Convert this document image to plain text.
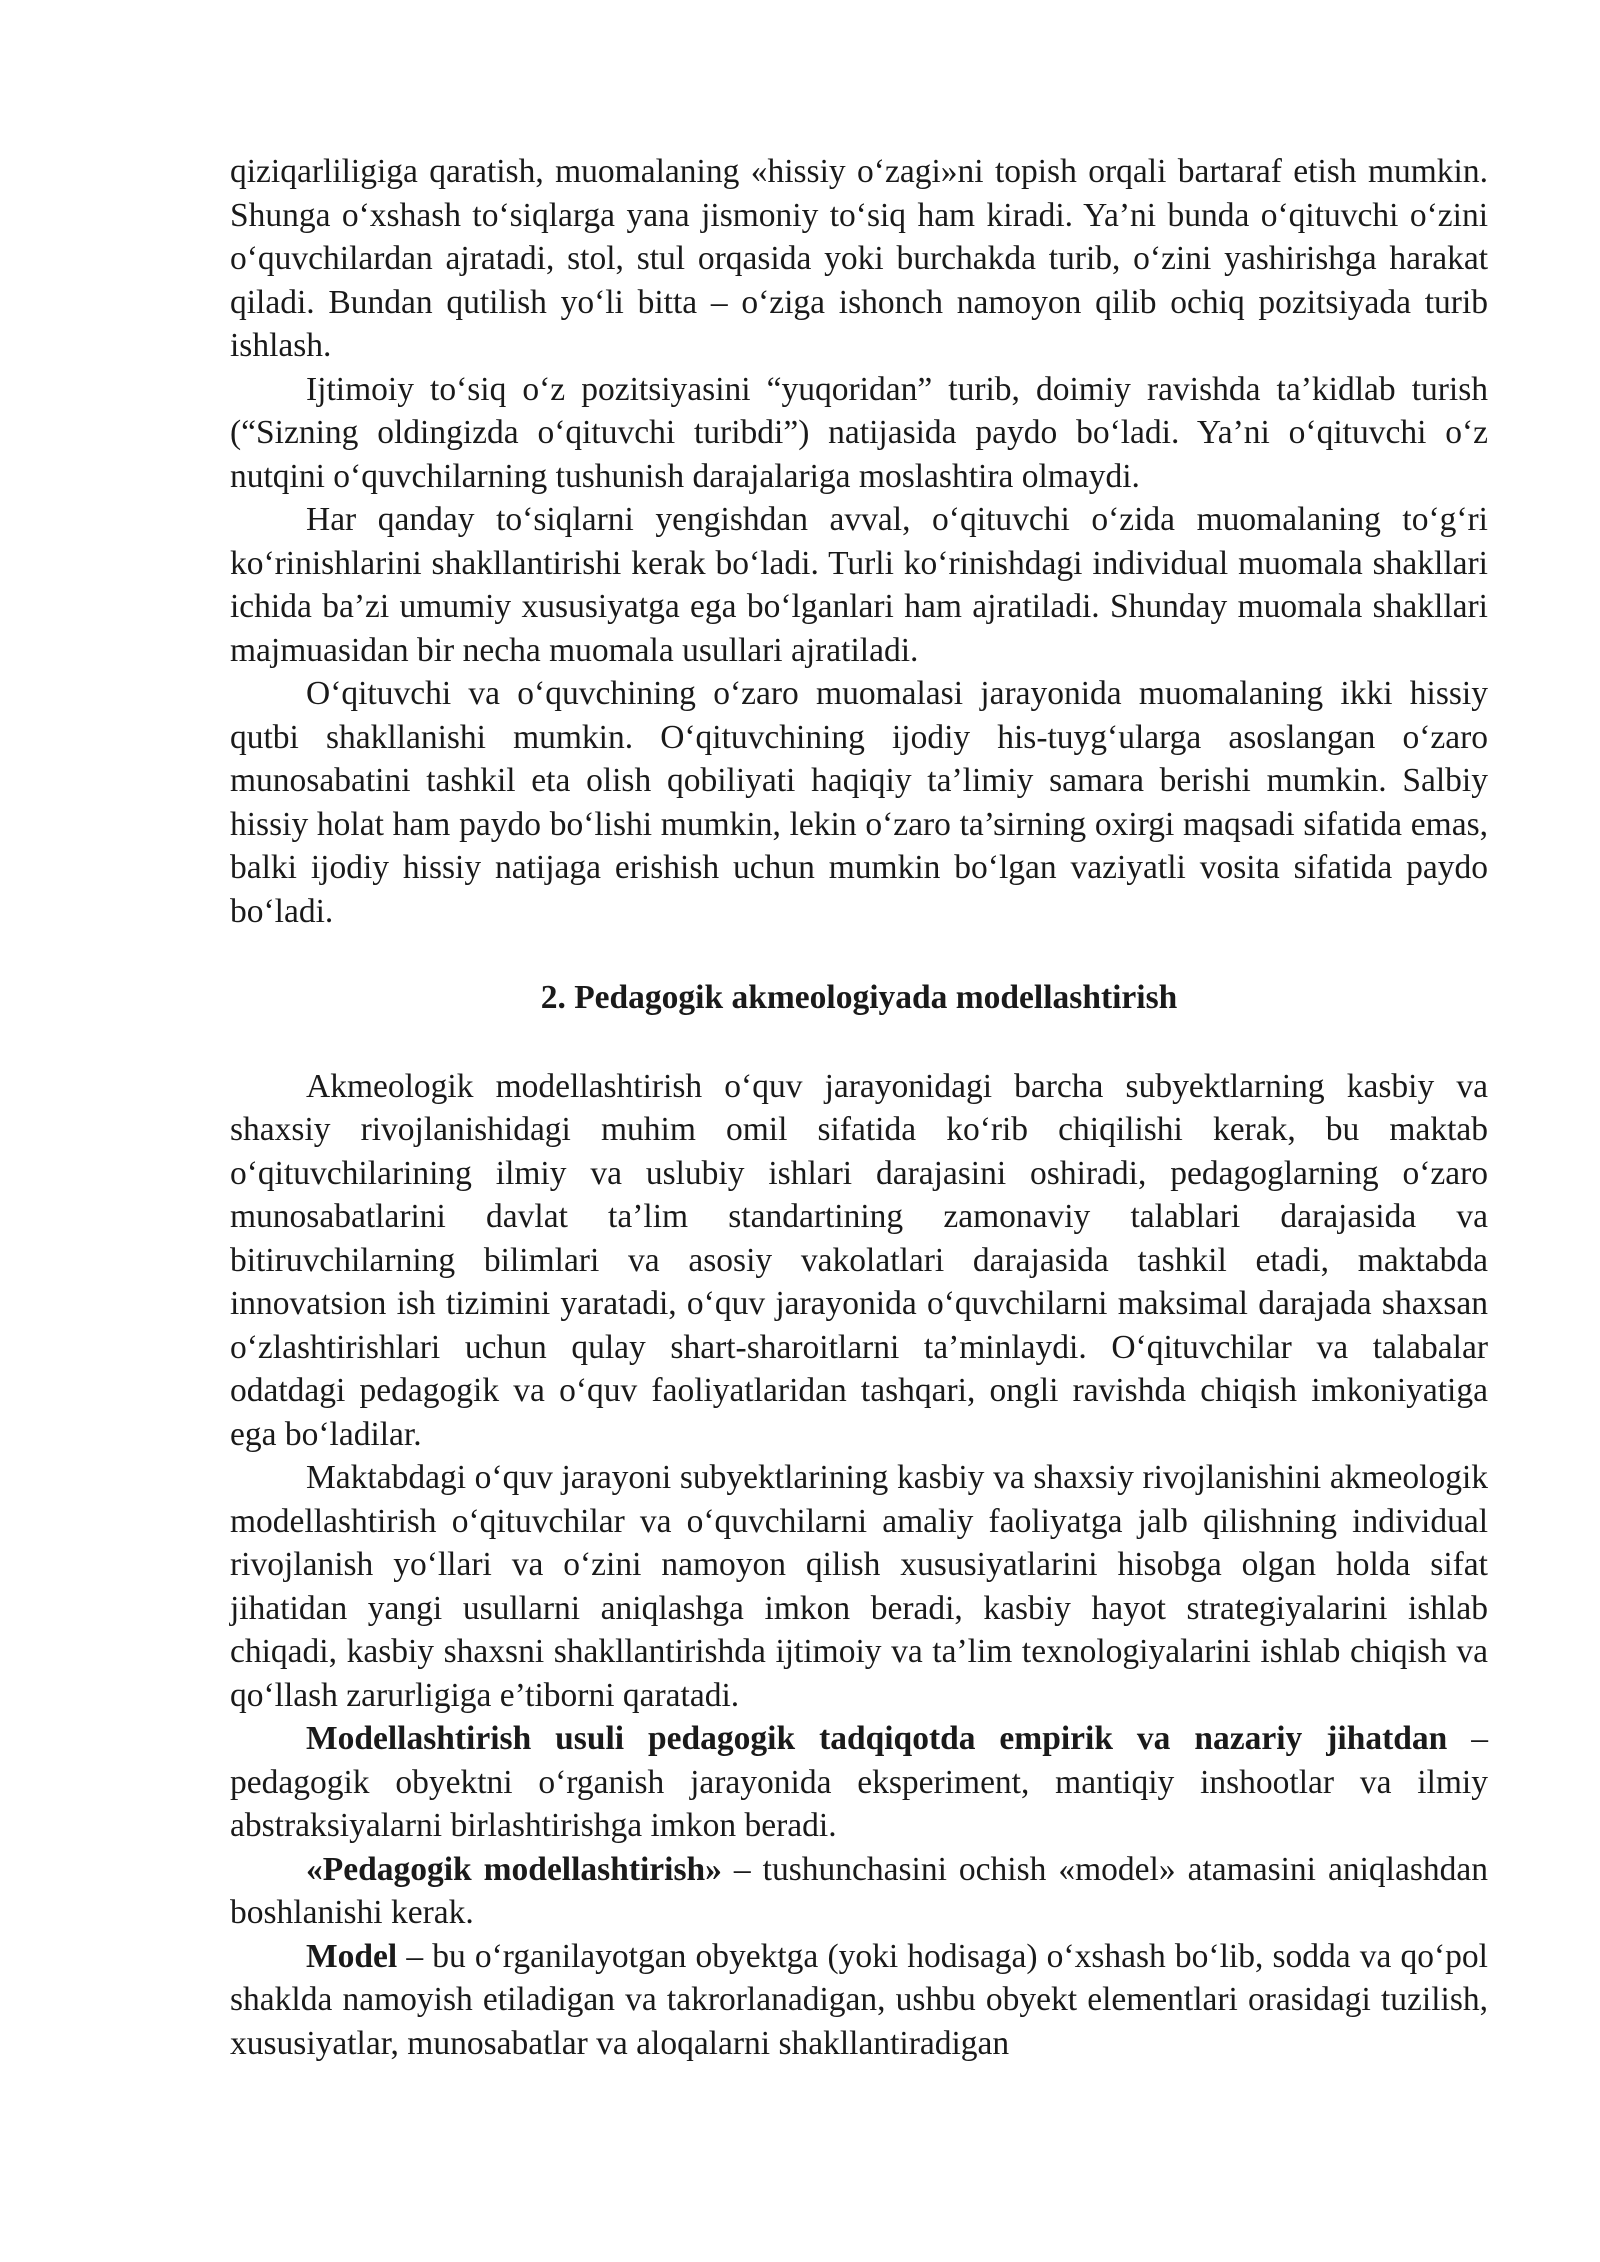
qiziqarliligiga qaratish, muomalaning «hissiy o‘zagi»ni topish orqali bartaraf etish mumkin. Shunga o‘xshash to‘siqlarga yana jismoniy to‘siq ham kiradi. Ya’ni bunda o‘qituvchi o‘zini o‘quvchilardan ajratadi, stol, stul orqasida yoki burchakda turib, o‘zini yashirishga harakat qiladi. Bundan qutilish yo‘li bitta – o‘ziga ishonch namoyon qilib ochiq pozitsiyada turib ishlash.

Ijtimoiy to‘siq o‘z pozitsiyasini “yuqoridan” turib, doimiy ravishda ta’kidlab turish (“Sizning oldingizda o‘qituvchi turibdi”) natijasida paydo bo‘ladi. Ya’ni o‘qituvchi o‘z nutqini o‘quvchilarning tushunish darajalariga moslashtira olmaydi.

Har qanday to‘siqlarni yengishdan avval, o‘qituvchi o‘zida muomalaning to‘g‘ri ko‘rinishlarini shakllantirishi kerak bo‘ladi. Turli ko‘rinishdagi individual muomala shakllari ichida ba’zi umumiy xususiyatga ega bo‘lganlari ham ajratiladi. Shunday muomala shakllari majmuasidan bir necha muomala usullari ajratiladi.

O‘qituvchi va o‘quvchining o‘zaro muomalasi jarayonida muomalaning ikki hissiy qutbi shakllanishi mumkin. O‘qituvchining ijodiy his-tuyg‘ularga asoslangan o‘zaro munosabatini tashkil eta olish qobiliyati haqiqiy ta’limiy samara berishi mumkin. Salbiy hissiy holat ham paydo bo‘lishi mumkin, lekin o‘zaro ta’sirning oxirgi maqsadi sifatida emas, balki ijodiy hissiy natijaga erishish uchun mumkin bo‘lgan vaziyatli vosita sifatida paydo bo‘ladi.

2. Pedagogik akmeologiyada modellashtirish

Akmeologik modellashtirish o‘quv jarayonidagi barcha subyektlarning kasbiy va shaxsiy rivojlanishidagi muhim omil sifatida ko‘rib chiqilishi kerak, bu maktab o‘qituvchilarining ilmiy va uslubiy ishlari darajasini oshiradi, pedagoglarning o‘zaro munosabatlarini davlat ta’lim standartining zamonaviy talablari darajasida va bitiruvchilarning bilimlari va asosiy vakolatlari darajasida tashkil etadi, maktabda innovatsion ish tizimini yaratadi, o‘quv jarayonida o‘quvchilarni maksimal darajada shaxsan o‘zlashtirishlari uchun qulay shart-sharoitlarni ta’minlaydi. O‘qituvchilar va talabalar odatdagi pedagogik va o‘quv faoliyatlaridan tashqari, ongli ravishda chiqish imkoniyatiga ega bo‘ladilar.

Maktabdagi o‘quv jarayoni subyektlarining kasbiy va shaxsiy rivojlanishini akmeologik modellashtirish o‘qituvchilar va o‘quvchilarni amaliy faoliyatga jalb qilishning individual rivojlanish yo‘llari va o‘zini namoyon qilish xususiyatlarini hisobga olgan holda sifat jihatidan yangi usullarni aniqlashga imkon beradi, kasbiy hayot strategiyalarini ishlab chiqadi, kasbiy shaxsni shakllantirishda ijtimoiy va ta’lim texnologiyalarini ishlab chiqish va qo‘llash zarurligiga e’tiborni qaratadi.

Modellashtirish usuli pedagogik tadqiqotda empirik va nazariy jihatdan – pedagogik obyektni o‘rganish jarayonida eksperiment, mantiqiy inshootlar va ilmiy abstraksiyalarni birlashtirishga imkon beradi.

«Pedagogik modellashtirish» – tushunchasini ochish «model» atamasini aniqlashdan boshlanishi kerak.

Model – bu o‘rganilayotgan obyektga (yoki hodisaga) o‘xshash bo‘lib, sodda va qo‘pol shaklda namoyish etiladigan va takrorlanadigan, ushbu obyekt elementlari orasidagi tuzilish, xususiyatlar, munosabatlar va aloqalarni shakllantiradigan
